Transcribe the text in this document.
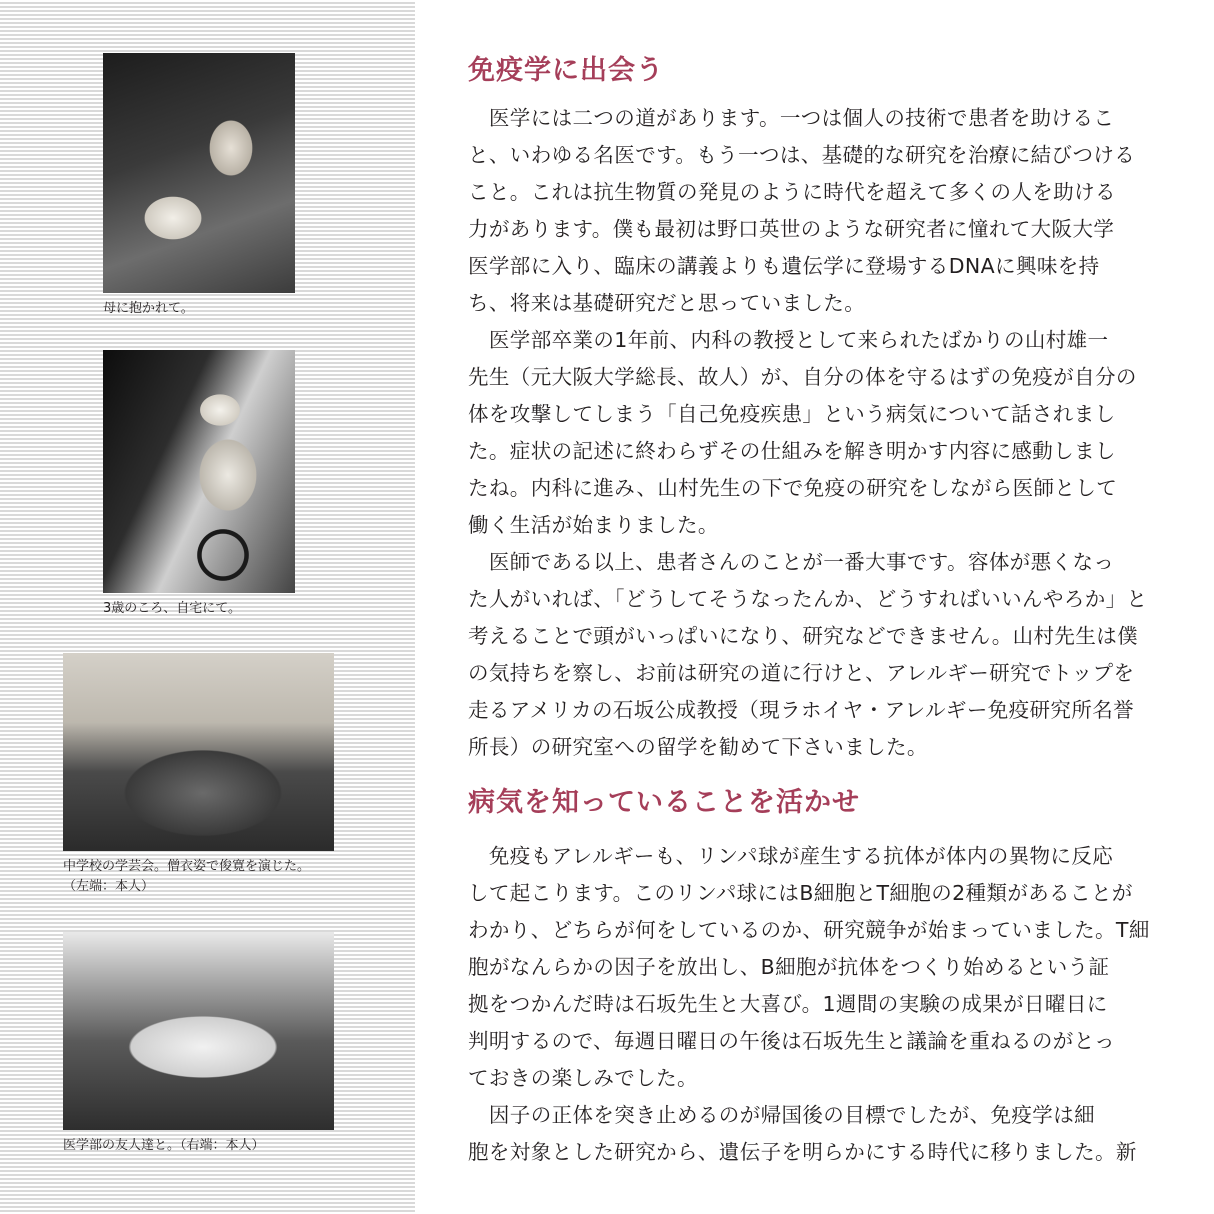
母に抱かれて。
3歳のころ、自宅にて。
中学校の学芸会。僧衣姿で俊寛を演じた。
（左端：本人）
医学部の友人達と。（右端：本人）
免疫学に出会う
　医学には二つの道があります。一つは個人の技術で患者を助けるこ
と、いわゆる名医です。もう一つは、基礎的な研究を治療に結びつける
こと。これは抗生物質の発見のように時代を超えて多くの人を助ける
力があります。僕も最初は野口英世のような研究者に憧れて大阪大学
医学部に入り、臨床の講義よりも遺伝学に登場するDNAに興味を持
ち、将来は基礎研究だと思っていました。
　医学部卒業の1年前、内科の教授として来られたばかりの山村雄一
先生（元大阪大学総長、故人）が、自分の体を守るはずの免疫が自分の
体を攻撃してしまう「自己免疫疾患」という病気について話されまし
た。症状の記述に終わらずその仕組みを解き明かす内容に感動しまし
たね。内科に進み、山村先生の下で免疫の研究をしながら医師として
働く生活が始まりました。
　医師である以上、患者さんのことが一番大事です。容体が悪くなっ
た人がいれば、「どうしてそうなったんか、どうすればいいんやろか」と
考えることで頭がいっぱいになり、研究などできません。山村先生は僕
の気持ちを察し、お前は研究の道に行けと、アレルギー研究でトップを
走るアメリカの石坂公成教授（現ラホイヤ・アレルギー免疫研究所名誉
所長）の研究室への留学を勧めて下さいました。
病気を知っていることを活かせ
　免疫もアレルギーも、リンパ球が産生する抗体が体内の異物に反応
して起こります。このリンパ球にはB細胞とT細胞の2種類があることが
わかり、どちらが何をしているのか、研究競争が始まっていました。T細
胞がなんらかの因子を放出し、B細胞が抗体をつくり始めるという証
拠をつかんだ時は石坂先生と大喜び。1週間の実験の成果が日曜日に
判明するので、毎週日曜日の午後は石坂先生と議論を重ねるのがとっ
ておきの楽しみでした。
　因子の正体を突き止めるのが帰国後の目標でしたが、免疫学は細
胞を対象とした研究から、遺伝子を明らかにする時代に移りました。新
